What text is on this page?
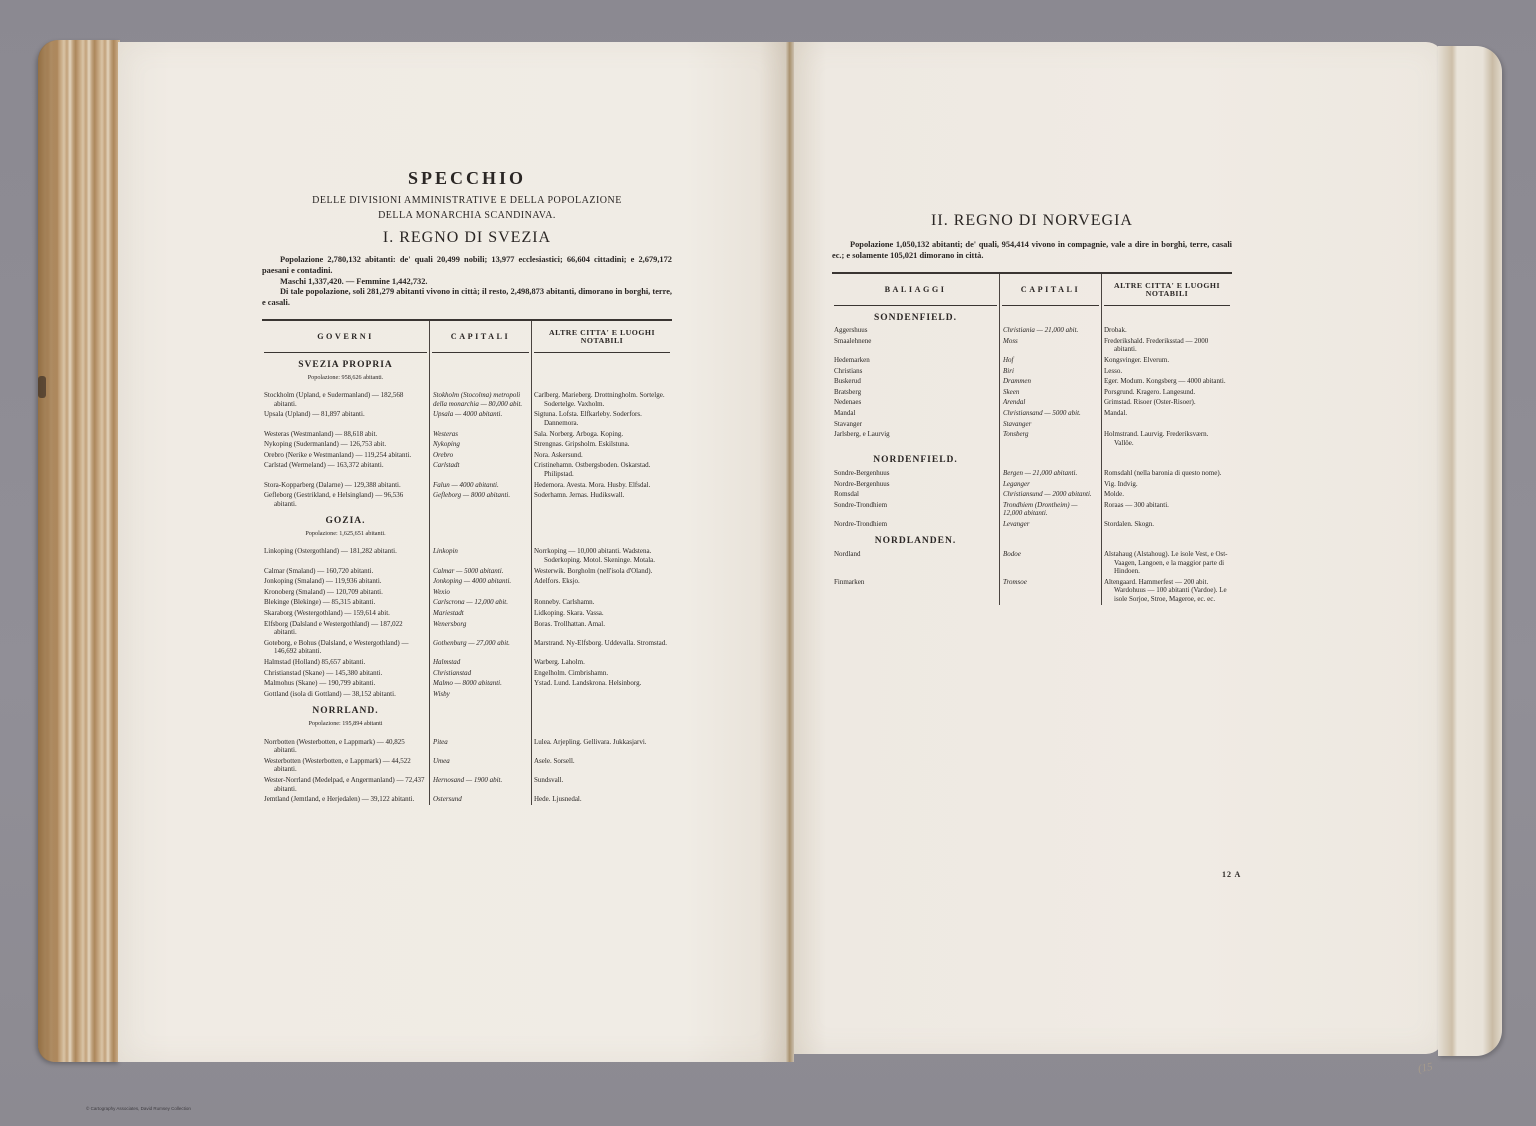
SPECCHIO
DELLE DIVISIONI AMMINISTRATIVE E DELLA POPOLAZIONE
DELLA MONARCHIA SCANDINAVA.
I. REGNO DI SVEZIA

Popolazione 2,780,132 abitanti: de' quali 20,499 nobili; 13,977 ecclesiastici; 66,604 cittadini; e 2,679,172 paesani e contadini.

Maschi 1,337,420. — Femmine 1,442,732.

Di tale popolazione, soli 281,279 abitanti vivono in città; il resto, 2,498,873 abitanti, dimorano in borghi, terre, e casali.

GOVERNI	CAPITALI	ALTRE CITTA' E LUOGHI NOTABILI

SVEZIA PROPRIA		
Popolazione: 958,626 abitanti.		
Stockholm (Upland, e Sudermanland) — 182,568 abitanti.	Stokholm (Stocolma) metropoli della monarchia — 80,000 abit.	Carlberg. Marieberg. Drottningholm. Sortelge. Sodertelge. Vaxholm.
Upsala (Upland) — 81,897 abitanti.	Upsala — 4000 abitanti.	Sigtuna. Lofsta. Elfkarleby. Soderfors. Dannemora.
Westeras (Westmanland) — 88,618 abit.	Westeras	Sala. Norberg. Arboga. Koping.
Nykoping (Sudermanland) — 126,753 abit.	Nykoping	Strengnas. Gripsholm. Eskilstuna.
Orebro (Nerike e Westmanland) — 119,254 abitanti.	Orebro	Nora. Askersund.
Carlstad (Wermeland) — 163,372 abitanti.	Carlstadt	Cristinehamn. Ostbergsboden. Oskarstad. Philipstad.
Stora-Kopparberg (Dalarne) — 129,388 abitanti.	Falun — 4000 abitanti.	Hedemora. Avesta. Mora. Husby. Elfsdal.
Gefleborg (Gestrikland, e Helsingland) — 96,536 abitanti.	Gefleborg — 8000 abitanti.	Soderhamn. Jernas. Hudikswall.
GOZIA.		
Popolazione: 1,625,651 abitanti.		
Linkoping (Ostergothland) — 181,282 abitanti.	Linkopin	Norrkoping — 10,000 abitanti. Wadstena. Soderkoping. Motol. Skeninge. Motala.
Calmar (Smaland) — 160,720 abitanti.	Calmar — 5000 abitanti.	Westerwik. Borgholm (nell'isola d'Oland).
Jonkoping (Smaland) — 119,936 abitanti.	Jonkoping — 4000 abitanti.	Adelfors. Eksjo.
Kronoberg (Smaland) — 120,709 abitanti.	Wexio	
Blekinge (Blekinge) — 85,315 abitanti.	Carlscrona — 12,000 abit.	Ronneby. Carlshamn.
Skaraborg (Westergothland) — 159,614 abit.	Mariestadt	Lidkoping. Skara. Vassa.
Elfsborg (Dalsland e Westergothland) — 187,022 abitanti.	Wenersborg	Boras. Trollhattan. Amal.
Goteborg, e Bohus (Dalsland, e Westergothland) — 146,692 abitanti.	Gothenburg — 27,000 abit.	Marstrand. Ny-Elfsborg. Uddevalla. Stromstad.
Halmstad (Holland) 85,657 abitanti.	Halmstad	Warberg. Laholm.
Christianstad (Skane) — 145,380 abitanti.	Christianstad	Engelholm. Cimbrishamn.
Malmohus (Skane) — 190,799 abitanti.	Malmo — 8000 abitanti.	Ystad. Lund. Landskrona. Helsinborg.
Gottland (isola di Gottland) — 38,152 abitanti.	Wisby	
NORRLAND.		
Popolazione: 195,894 abitanti		
Norrbotten (Westerbotten, e Lappmark) — 40,825 abitanti.	Pitea	Lulea. Arjepling. Gellivara. Jukkasjarvi.
Westerbotten (Westerbotten, e Lappmark) — 44,522 abitanti.	Umea	Asele. Sorsell.
Wester-Norrland (Medelpad, e Angermanland) — 72,437 abitanti.	Hernosand — 1900 abit.	Sundsvall.
Jemtland (Jemtland, e Herjedalen) — 39,122 abitanti.	Ostersund	Hede. Ljusnedal.
II. REGNO DI NORVEGIA

Popolazione 1,050,132 abitanti; de' quali, 954,414 vivono in compagnie, vale a dire in borghi, terre, casali ec.; e solamente 105,021 dimorano in città.

BALIAGGI	CAPITALI	ALTRE CITTA' E LUOGHI NOTABILI

SONDENFIELD.		
Aggershuus	Christiania — 21,000 abit.	Drobak.
Smaalehnene	Moss	Frederikshald. Frederiksstad — 2000 abitanti.
Hedemarken	Hof	Kongsvinger. Elverum.
Christians	Biri	Lesso.
Buskerud	Drammen	Eger. Modum. Kongsberg — 4000 abitanti.
Bratsberg	Skeen	Porsgrund. Kragero. Langesund.
Nedenaes	Arendal	Grimstad. Risoer (Oster-Risoer).
Mandal	Christiansand — 5000 abit.	Mandal.
Stavanger	Stavanger	
Jarlsberg, e Laurvig	Tonsberg	Holmstrand. Laurvig. Frederiksværn. Vallöe.
NORDENFIELD.		
Sondre-Bergenhuus	Bergen — 21,000 abitanti.	Romsdahl (nella baronia di questo nome).
Nordre-Bergenhuus	Leganger	Vig. Indvig.
Romsdal	Christiansund — 2000 abitanti.	Molde.
Sondre-Trondhiem	Trondhiem (Drontheim) — 12,000 abitanti.	Roraas — 300 abitanti.
Nordre-Trondhiem	Levanger	Stordalen. Skogn.
NORDLANDEN.		
Nordland	Bodoe	Alstahaug (Alstahoug). Le isole Vest, e Ost-Vaagen, Langoen, e la maggior parte di Hindoen.
Finmarken	Tromsoe	Altengaard. Hammerfest — 200 abit. Wardohuus — 100 abitanti (Vardoe). Le isole Sorjoe, Stroe, Mageroe, ec. ec.
12 A
(15
© Cartography Associates, David Rumsey Collection
